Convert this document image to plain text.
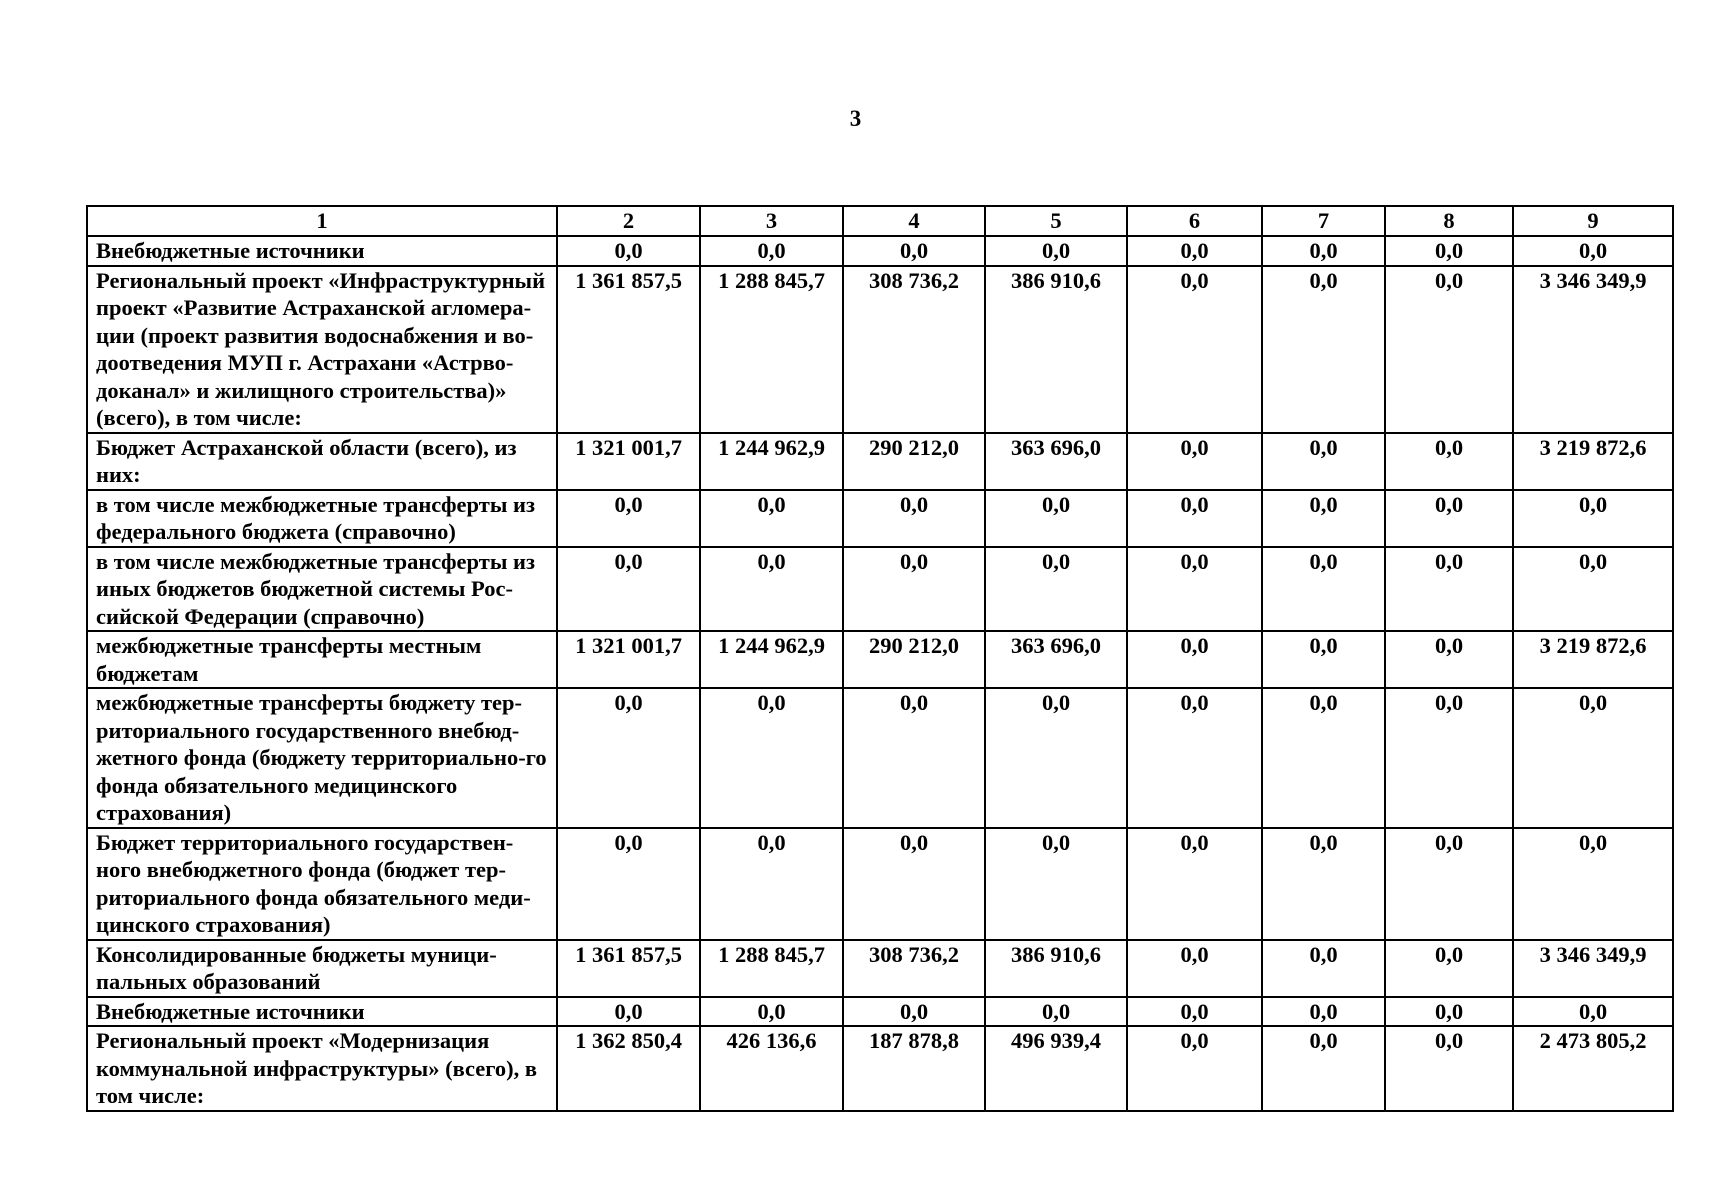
3
1	2	3	4	5	6	7	8	9
Внебюджетные источники	0,0	0,0	0,0	0,0	0,0	0,0	0,0	0,0
Региональный проект «Инфраструктурный проект «Развитие Астраханской агломера-ции (проект развития водоснабжения и во-доотведения МУП г. Астрахани «Астрво-доканал» и жилищного строительства)» (всего), в том числе:	1 361 857,5	1 288 845,7	308 736,2	386 910,6	0,0	0,0	0,0	3 346 349,9
Бюджет Астраханской области (всего), из них:	1 321 001,7	1 244 962,9	290 212,0	363 696,0	0,0	0,0	0,0	3 219 872,6
в том числе межбюджетные трансферты из федерального бюджета (справочно)	0,0	0,0	0,0	0,0	0,0	0,0	0,0	0,0
в том числе межбюджетные трансферты из иных бюджетов бюджетной системы Рос-сийской Федерации (справочно)	0,0	0,0	0,0	0,0	0,0	0,0	0,0	0,0
межбюджетные трансферты местным бюджетам	1 321 001,7	1 244 962,9	290 212,0	363 696,0	0,0	0,0	0,0	3 219 872,6
межбюджетные трансферты бюджету тер-риториального государственного внебюд-жетного фонда (бюджету территориально-го фонда обязательного медицинского страхования)	0,0	0,0	0,0	0,0	0,0	0,0	0,0	0,0
Бюджет территориального государствен-ного внебюджетного фонда (бюджет тер-риториального фонда обязательного меди-цинского страхования)	0,0	0,0	0,0	0,0	0,0	0,0	0,0	0,0
Консолидированные бюджеты муници-пальных образований	1 361 857,5	1 288 845,7	308 736,2	386 910,6	0,0	0,0	0,0	3 346 349,9
Внебюджетные источники	0,0	0,0	0,0	0,0	0,0	0,0	0,0	0,0
Региональный проект «Модернизация коммунальной инфраструктуры» (всего), в том числе:	1 362 850,4	426 136,6	187 878,8	496 939,4	0,0	0,0	0,0	2 473 805,2
